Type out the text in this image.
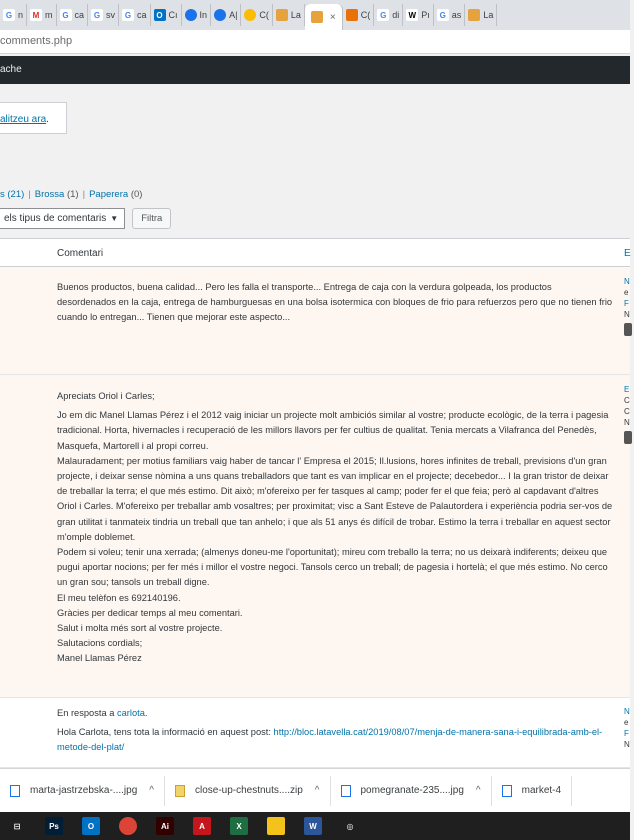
G n	M m	G ca	G sv	G ca	O Cı In A| C( La	×	C(	G di W Pı	G as La
comments.php
ache
alitzeu ara.
s (21) | Brossa (1) | Paperera (0)
els tipus de comentaris ▼	Filtra
Comentari	E

Buenos productos, buena calidad... Pero les falla el transporte... Entrega de caja con la verdura golpeada, los productos desordenados en la caja, entrega de hamburguesas en una bolsa isotermica con bloques de frio para refuerzos pero que no tienen frio cuando lo entregan... Tienen que mejorar este aspecto...

N
e
F
N

Apreciats Oriol i Carles;

Jo em dic Manel Llamas Pérez i el 2012 vaig iniciar un projecte molt ambiciós similar al vostre; producte ecològic, de la terra i pagesia tradicional. Horta, hivernacles i recuperació de les millors llavors per fer cultius de qualitat. Tenia mercats a Vilafranca del Penedès, Masquefa, Martorell i al propi correu.

Malauradament; per motius familiars vaig haber de tancar l' Empresa el 2015; Il.lusions, hores infinites de treball, previsions d'un gran projecte, i deixar sense nòmina a uns quans treballadors que tant es van implicar en el projecte; decebedor... I la gran tristor de deixar de treballar la terra; el que més estimo. Dit això; m'ofereixo per fer tasques al camp; poder fer el que feia; però al capdavant d'altres Oriol i Carles. M'ofereixo per treballar amb vosaltres; per proximitat; visc a Sant Esteve de Palautordera i experiència podria ser-vos de gran utilitat i tanmateix tindria un treball que tan anhelo; i que als 51 anys és difícil de trobar. Estimo la terra i treballar en aquest sector m'omple doblemet.

Podem si voleu; tenir una xerrada; (almenys doneu-me l'oportunitat); mireu com treballo la terra; no us deixarà indiferents; deixeu que pugui aportar nocions; per fer més i millor el vostre negoci. Tansols cerco un treball; de pagesia i hortelà; el que més estimo. No cerco un gran sou; tansols un treball digne.

El meu telèfon es 692140196.

Gràcies per dedicar temps al meu comentari.

Salut i molta més sort al vostre projecte.

Salutacions cordials;

Manel Llamas Pérez

E
C
C
N

En resposta a carlota.

Hola Carlota, tens tota la informació en aquest post: http://bloc.latavella.cat/2019/08/07/menja-de-manera-sana-i-equilibrada-amb-el-metode-del-plat/

N
e
F
N
marta-jastrzebska-....jpg ^	close-up-chestnuts....zip ^	pomegranate-235....jpg ^	market-4
⊟	Ps	O	Ai	A	X	W	◎
